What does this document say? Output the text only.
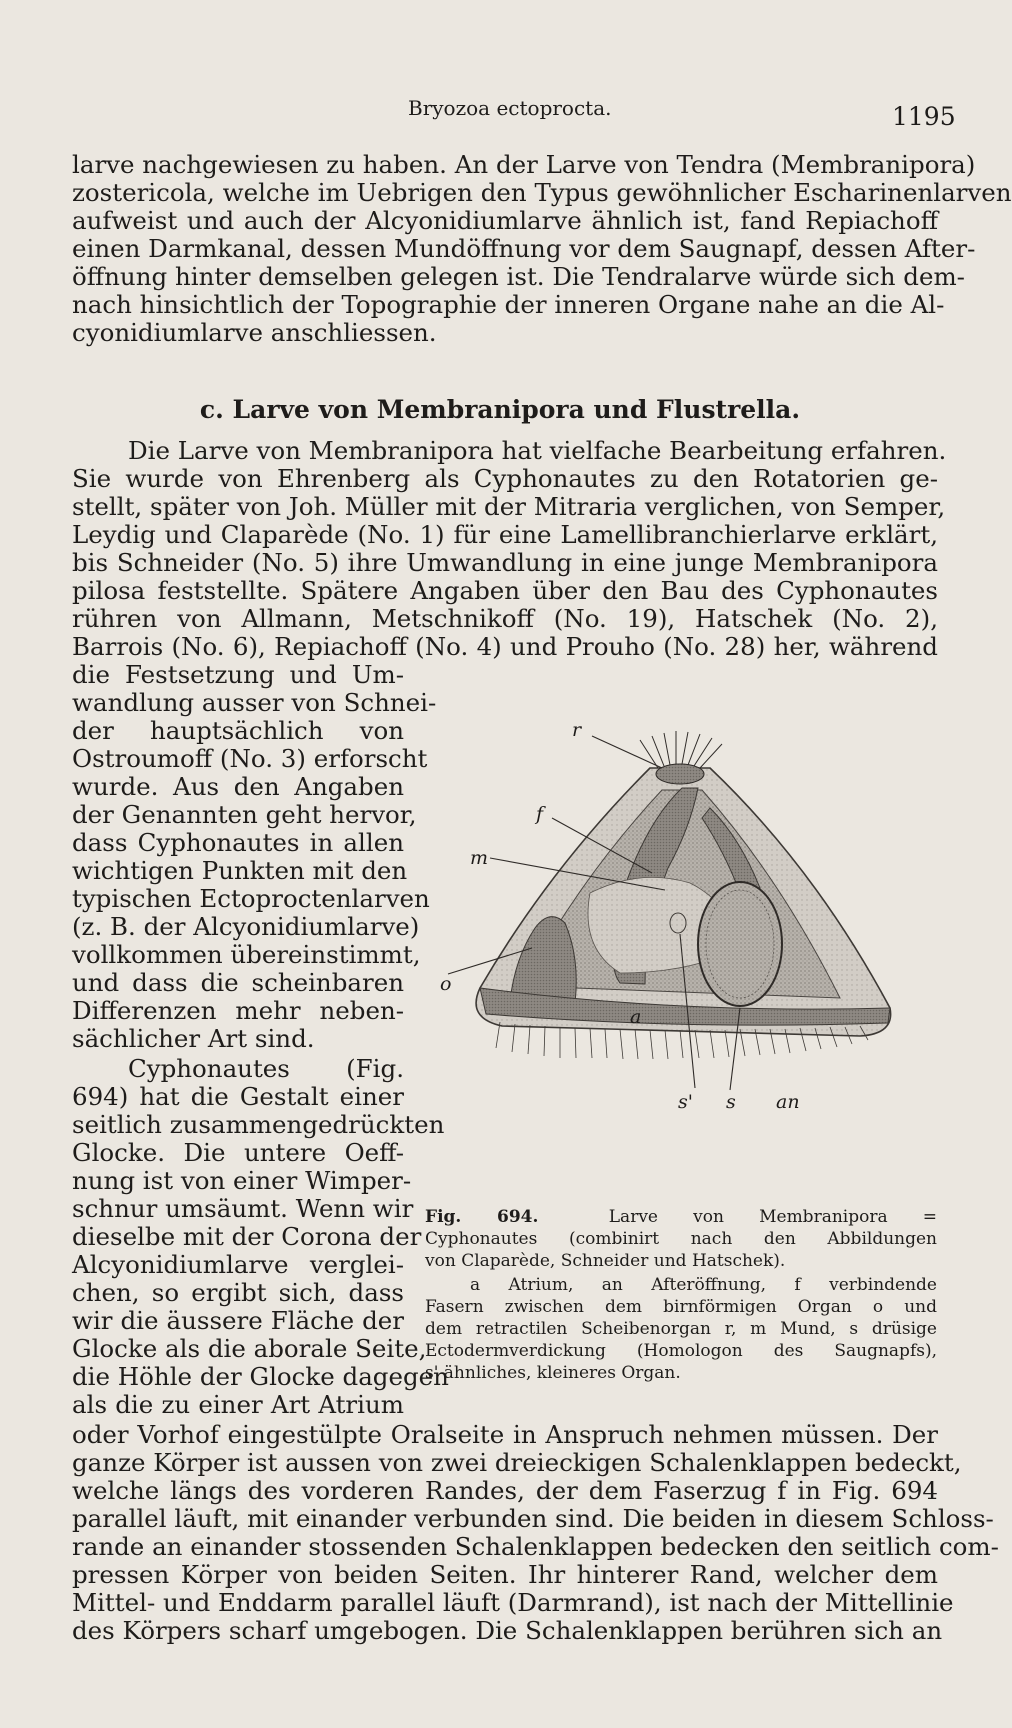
Bryozoa ectoprocta.	1195
larve nachgewiesen zu haben. An der Larve von Tendra (Membranipora)
zostericola, welche im Uebrigen den Typus gewöhnlicher Escharinenlarven
aufweist und auch der Alcyonidiumlarve ähnlich ist, fand Repiachoff
einen Darmkanal, dessen Mundöffnung vor dem Saugnapf, dessen After-
öffnung hinter demselben gelegen ist. Die Tendralarve würde sich dem-
nach hinsichtlich der Topographie der inneren Organe nahe an die Al-
cyonidiumlarve anschliessen.
c. Larve von Membranipora und Flustrella.
Die Larve von Membranipora hat vielfache Bearbeitung erfahren.
Sie wurde von Ehrenberg als Cyphonautes zu den Rotatorien ge-
stellt, später von Joh. Müller mit der Mitraria verglichen, von Semper,
Leydig und Claparède (No. 1) für eine Lamellibranchierlarve erklärt,
bis Schneider (No. 5) ihre Umwandlung in eine junge Membranipora
pilosa feststellte. Spätere Angaben über den Bau des Cyphonautes
rühren von Allmann, Metschnikoff (No. 19), Hatschek (No. 2),
Barrois (No. 6), Repiachoff (No. 4) und Prouho (No. 28) her, während
die Festsetzung und Um-
wandlung ausser von Schnei-
der hauptsächlich von
Ostroumoff (No. 3) erforscht
wurde. Aus den Angaben
der Genannten geht hervor,
dass Cyphonautes in allen
wichtigen Punkten mit den
typischen Ectoproctenlarven
(z. B. der Alcyonidiumlarve)
vollkommen übereinstimmt,
und dass die scheinbaren
Differenzen mehr neben-
sächlicher Art sind.
Cyphonautes (Fig.
694) hat die Gestalt einer
seitlich zusammengedrückten
Glocke. Die untere Oeff-
nung ist von einer Wimper-
schnur umsäumt. Wenn wir
dieselbe mit der Corona der
Alcyonidiumlarve verglei-
chen, so ergibt sich, dass
wir die äussere Fläche der
Glocke als die aborale Seite,
die Höhle der Glocke dagegen
als die zu einer Art Atrium
oder Vorhof eingestülpte Oralseite in Anspruch nehmen müssen. Der
ganze Körper ist aussen von zwei dreieckigen Schalenklappen bedeckt,
welche längs des vorderen Randes, der dem Faserzug f in Fig. 694
parallel läuft, mit einander verbunden sind. Die beiden in diesem Schloss-
rande an einander stossenden Schalenklappen bedecken den seitlich com-
pressen Körper von beiden Seiten. Ihr hinterer Rand, welcher dem
Mittel- und Enddarm parallel läuft (Darmrand), ist nach der Mittellinie
des Körpers scharf umgebogen. Die Schalenklappen berühren sich an
r
f
m
o
a
s' s an
Fig. 694.	Larve von Membranipora =
Cyphonautes (combinirt nach den Abbildungen
von Claparède, Schneider und Hatschek).
a Atrium, an Afteröffnung, f verbindende
Fasern zwischen dem birnförmigen Organ o und
dem retractilen Scheibenorgan r, m Mund, s drüsige
Ectodermverdickung (Homologon des Saugnapfs),
s' ähnliches, kleineres Organ.
